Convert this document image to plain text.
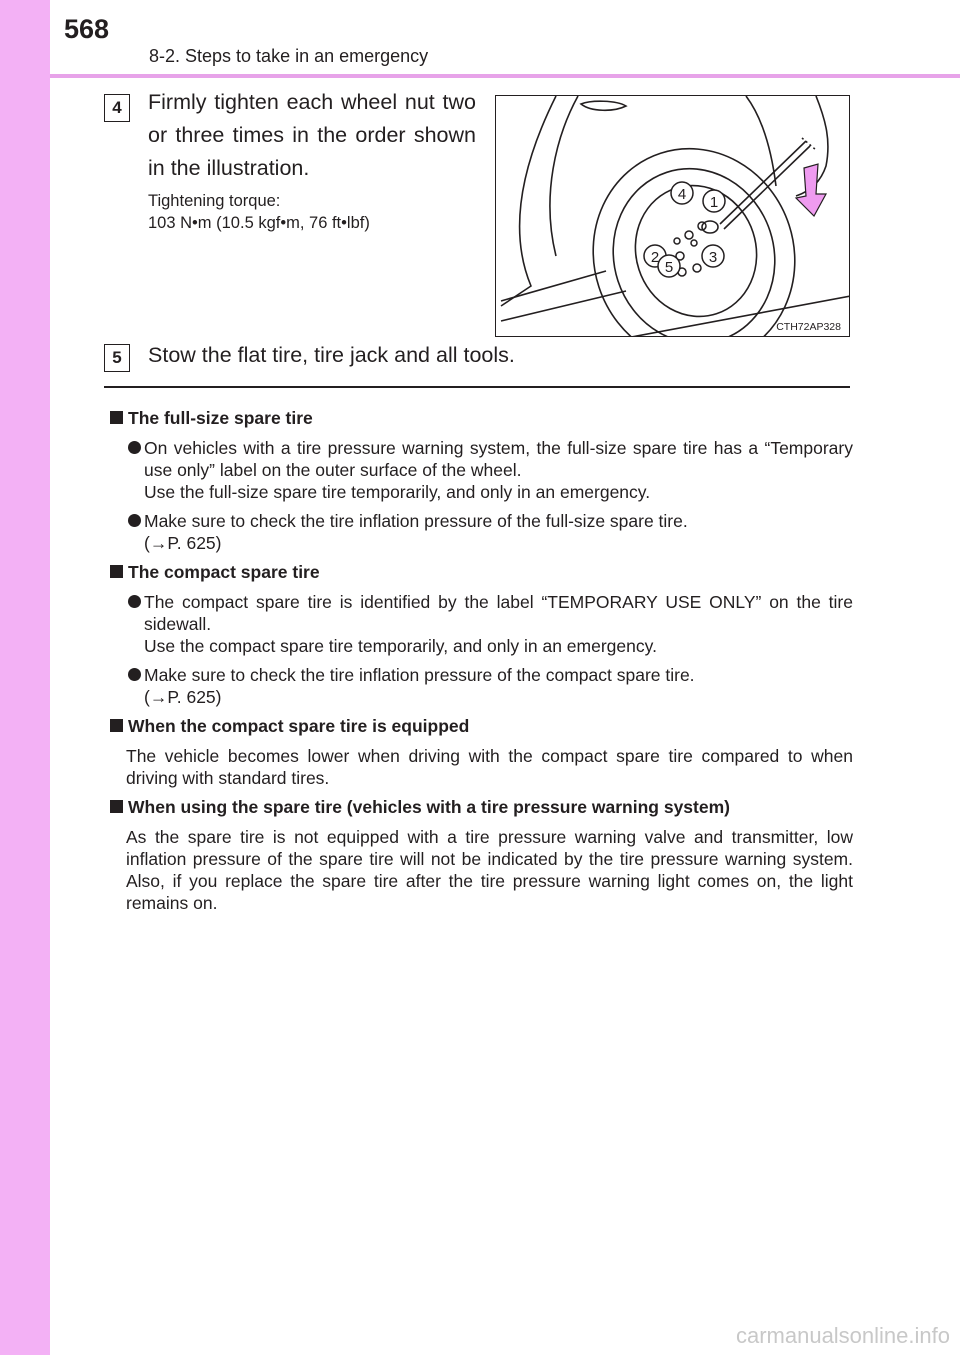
568
8-2. Steps to take in an emergency
4	Firmly tighten each wheel nut two or three times in the order shown in the illustration.
Tightening torque:
103 N•m (10.5 kgf•m, 76 ft•lbf)
4 1
2	3
5
CTH72AP328
5	Stow the flat tire, tire jack and all tools.
The full-size spare tire
On vehicles with a tire pressure warning system, the full-size spare tire has a “Temporary use only” label on the outer surface of the wheel.
Use the full-size spare tire temporarily, and only in an emergency.
Make sure to check the tire inflation pressure of the full-size spare tire.
(→P. 625)
The compact spare tire
The compact spare tire is identified by the label “TEMPORARY USE ONLY” on the tire sidewall.
Use the compact spare tire temporarily, and only in an emergency.
Make sure to check the tire inflation pressure of the compact spare tire.
(→P. 625)
When the compact spare tire is equipped
The vehicle becomes lower when driving with the compact spare tire compared to when driving with standard tires.
When using the spare tire (vehicles with a tire pressure warning system)
As the spare tire is not equipped with a tire pressure warning valve and transmitter, low inflation pressure of the spare tire will not be indicated by the tire pressure warning system. Also, if you replace the spare tire after the tire pressure warning light comes on, the light remains on.
carmanualsonline.info
